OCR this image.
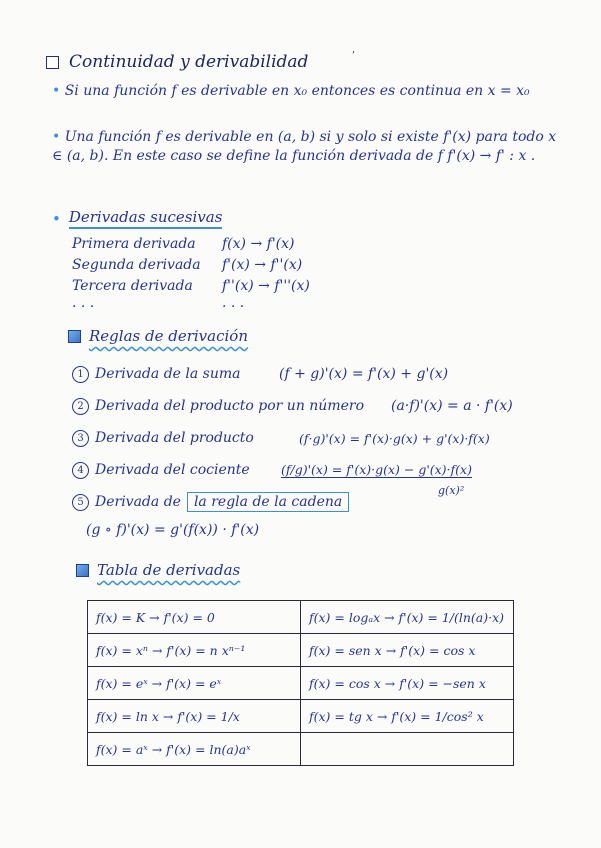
,
Continuidad y derivabilidad
• Si una función f es derivable en x₀ entonces es continua en x = x₀
• Una función f es derivable en (a, b) si y solo si existe f'(x) para todo x ∈ (a, b). En este caso se define la función derivada de f f'(x) → f' : x .
• Derivadas sucesivas
Primera derivada	f(x) → f'(x)
Segunda derivada	f'(x) → f''(x)
Tercera derivada	f''(x) → f'''(x)
· · ·	· · ·
Reglas de derivación
1 Derivada de la suma	(f + g)'(x) = f'(x) + g'(x)
2 Derivada del producto por un número	(a·f)'(x) = a · f'(x)
3 Derivada del producto	(f·g)'(x) = f'(x)·g(x) + g'(x)·f(x)
4 Derivada del cociente	(f/g)'(x) = f'(x)·g(x) − g'(x)·f(x)
5 Derivada de la regla de la cadena
g(x)²
(g ∘ f)'(x) = g'(f(x)) · f'(x)
Tabla de derivadas
f(x) = K → f'(x) = 0	f(x) = logₐx → f'(x) = 1/(ln(a)·x)
f(x) = xⁿ → f'(x) = n xⁿ⁻¹	f(x) = sen x → f'(x) = cos x
f(x) = eˣ → f'(x) = eˣ	f(x) = cos x → f'(x) = −sen x
f(x) = ln x → f'(x) = 1/x	f(x) = tg x → f'(x) = 1/cos² x
f(x) = aˣ → f'(x) = ln(a)aˣ	
